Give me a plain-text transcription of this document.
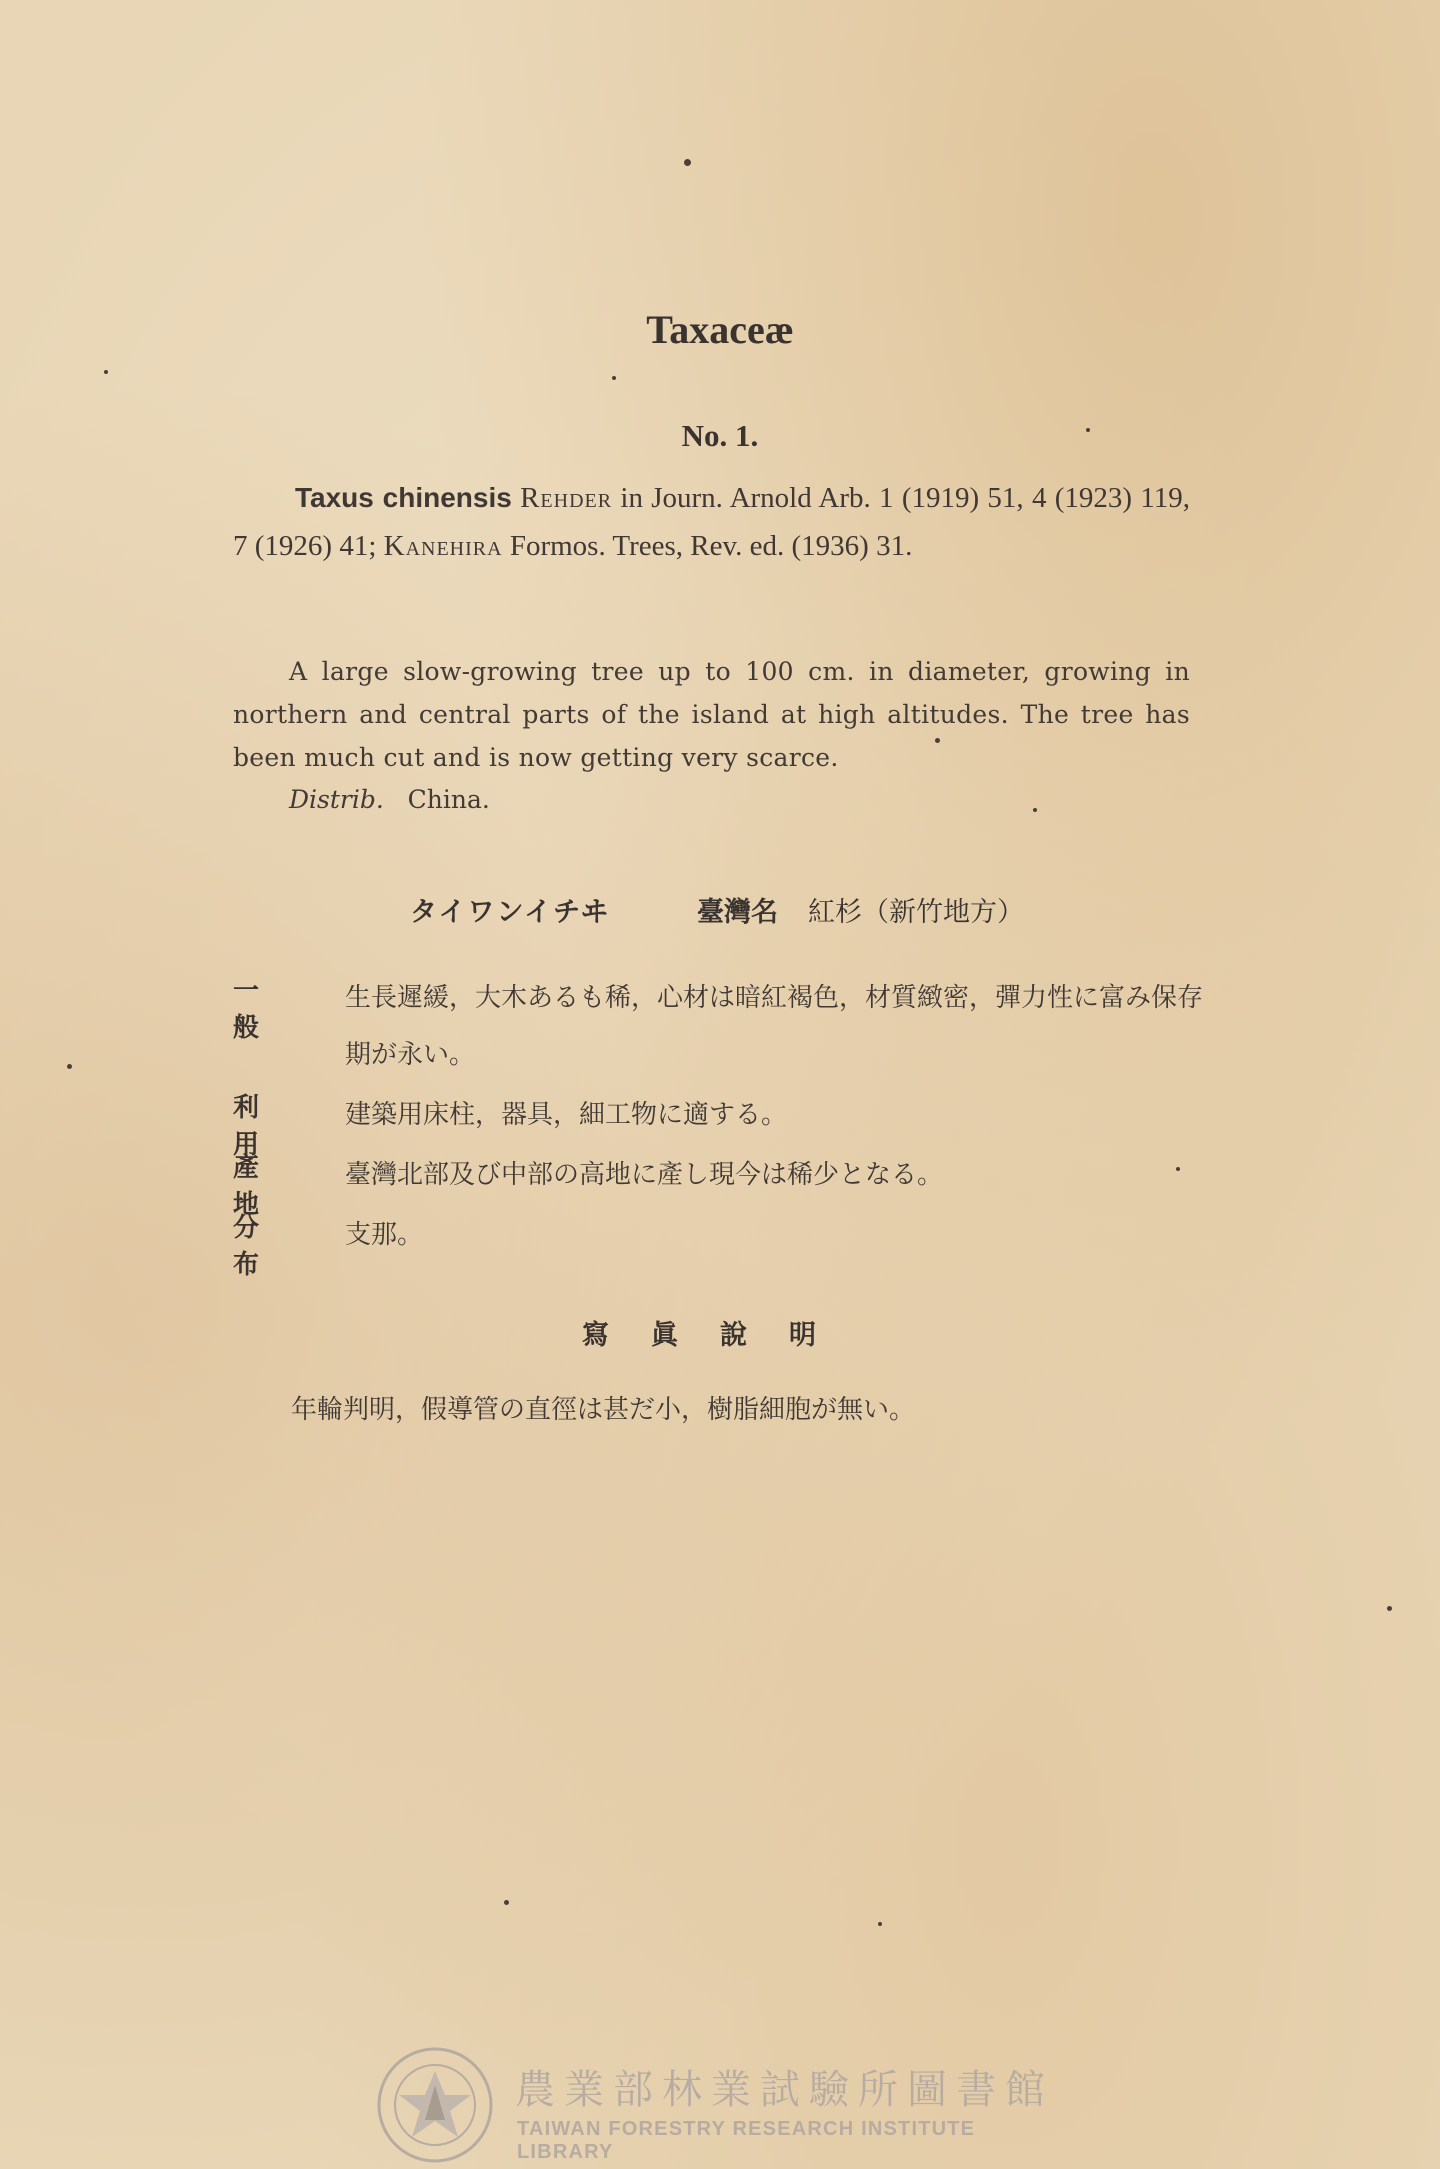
Taxaceæ
No. 1.
Taxus chinensis Rehder in Journ. Arnold Arb. 1 (1919) 51, 4 (1923) 119, 7 (1926) 41; Kanehira Formos. Trees, Rev. ed. (1936) 31.
A large slow-growing tree up to 100 cm. in diameter, growing in northern and central parts of the island at high altitudes. The tree has been much cut and is now getting very scarce.
Distrib. China.
タイワンイチヰ	臺灣名 紅杉（新竹地方）
一般
生長遲緩，大木あるも稀，心材は暗紅褐色，材質緻密，彈力性に富み保存期が永い。
利用
建築用床柱，器具，細工物に適する。
產地
臺灣北部及び中部の高地に產し現今は稀少となる。
分布
支那。
寫眞說明
年輪判明，假導管の直徑は甚だ小，樹脂細胞が無い。
農業部林業試驗所圖書館
TAIWAN FORESTRY RESEARCH INSTITUTE LIBRARY
